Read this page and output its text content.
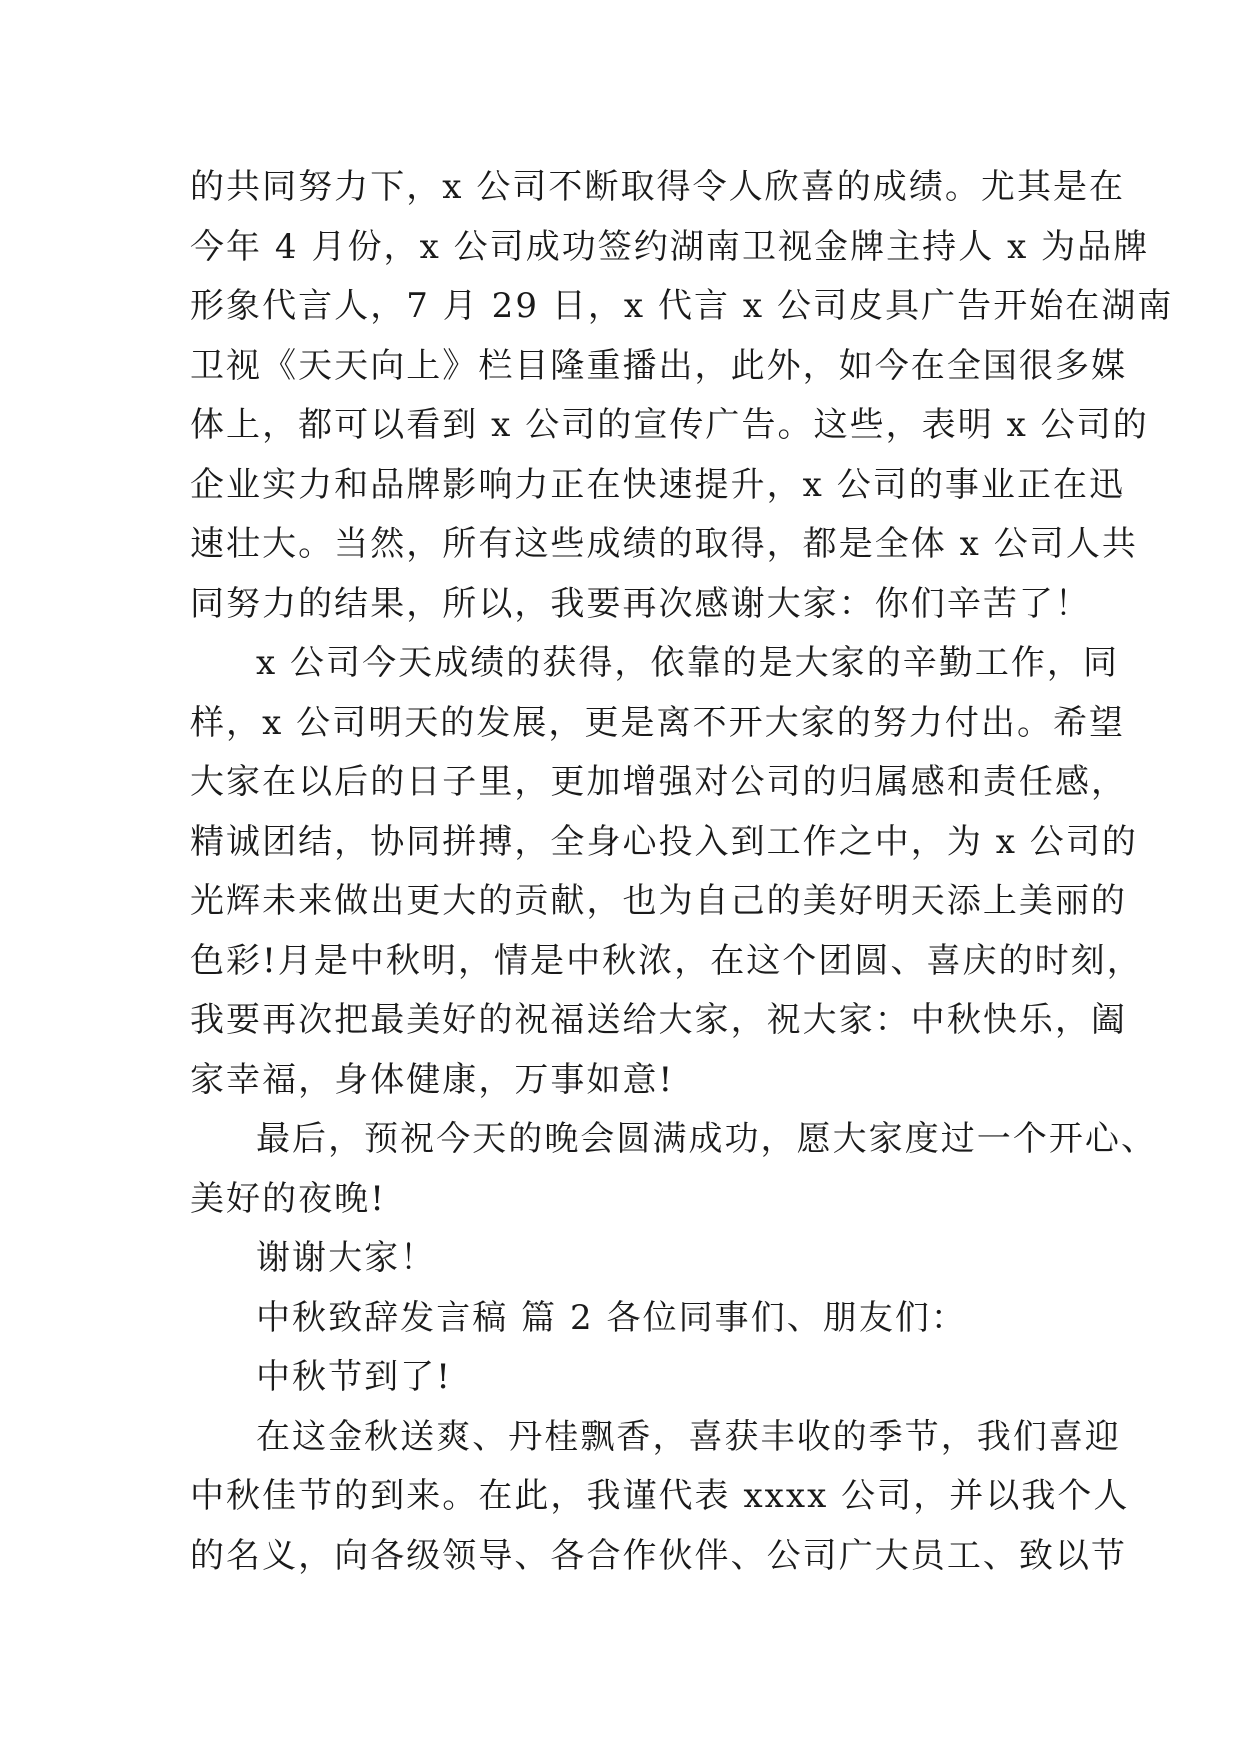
的共同努力下，x 公司不断取得令人欣喜的成绩。尤其是在
今年 4 月份，x 公司成功签约湖南卫视金牌主持人 x 为品牌
形象代言人，7 月 29 日，x 代言 x 公司皮具广告开始在湖南
卫视《天天向上》栏目隆重播出，此外，如今在全国很多媒
体上，都可以看到 x 公司的宣传广告。这些，表明 x 公司的
企业实力和品牌影响力正在快速提升，x 公司的事业正在迅
速壮大。当然，所有这些成绩的取得，都是全体 x 公司人共
同努力的结果，所以，我要再次感谢大家：你们辛苦了！
x 公司今天成绩的获得，依靠的是大家的辛勤工作，同
样，x 公司明天的发展，更是离不开大家的努力付出。希望
大家在以后的日子里，更加增强对公司的归属感和责任感，
精诚团结，协同拼搏，全身心投入到工作之中，为 x 公司的
光辉未来做出更大的贡献，也为自己的美好明天添上美丽的
色彩!月是中秋明，情是中秋浓，在这个团圆、喜庆的时刻，
我要再次把最美好的祝福送给大家，祝大家：中秋快乐，阖
家幸福，身体健康，万事如意!
最后，预祝今天的晚会圆满成功，愿大家度过一个开心、
美好的夜晚!
谢谢大家！
中秋致辞发言稿 篇 2 各位同事们、朋友们：
中秋节到了!
在这金秋送爽、丹桂飘香，喜获丰收的季节，我们喜迎
中秋佳节的到来。在此，我谨代表 xxxx 公司，并以我个人
的名义，向各级领导、各合作伙伴、公司广大员工、致以节
